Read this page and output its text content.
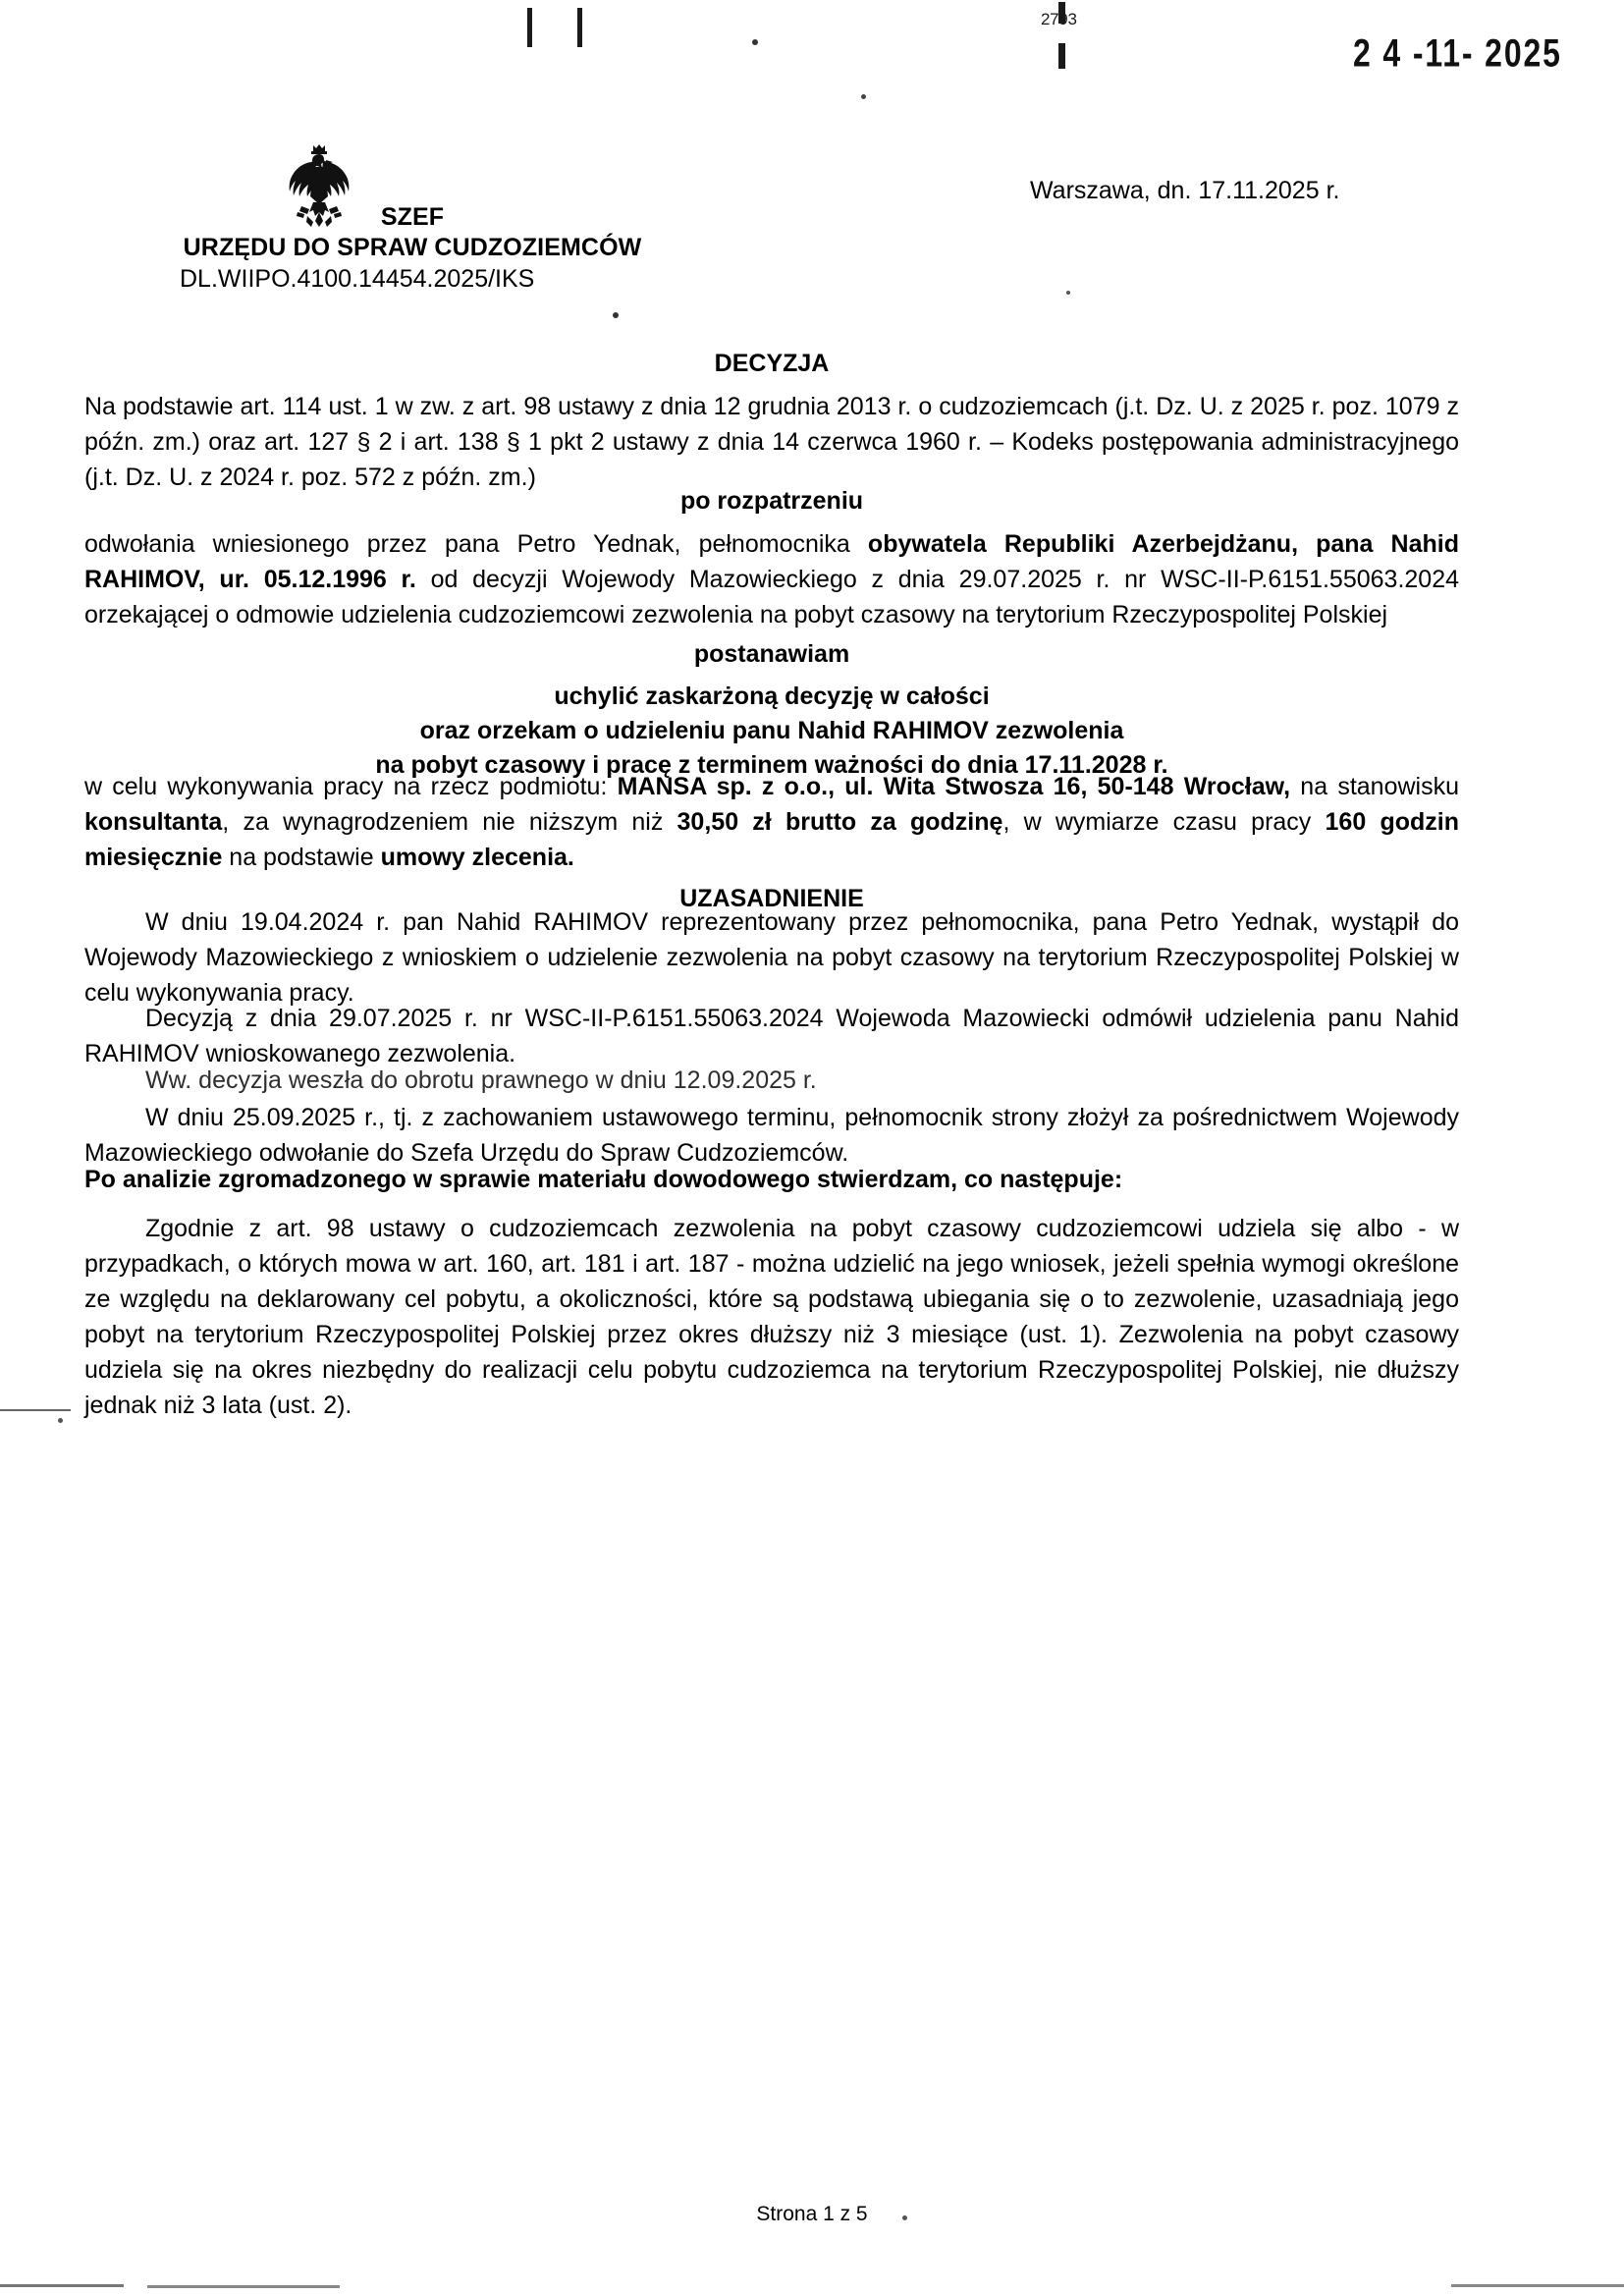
2793
2 4 -11- 2025
Warszawa, dn. 17.11.2025 r.
SZEF
URZĘDU DO SPRAW CUDZOZIEMCÓW
DL.WIIPO.4100.14454.2025/IKS
DECYZJA
Na podstawie art. 114 ust. 1 w zw. z art. 98 ustawy z dnia 12 grudnia 2013 r. o cudzoziemcach (j.t. Dz. U. z 2025 r. poz. 1079 z późn. zm.) oraz art. 127 § 2 i art. 138 § 1 pkt 2 ustawy z dnia 14 czerwca 1960 r. – Kodeks postępowania administracyjnego (j.t. Dz. U. z 2024 r. poz. 572 z późn. zm.)
po rozpatrzeniu
odwołania wniesionego przez pana Petro Yednak, pełnomocnika obywatela Republiki Azerbejdżanu, pana Nahid RAHIMOV, ur. 05.12.1996 r. od decyzji Wojewody Mazowieckiego z dnia 29.07.2025 r. nr WSC-II-P.6151.55063.2024 orzekającej o odmowie udzielenia cudzoziemcowi zezwolenia na pobyt czasowy na terytorium Rzeczypospolitej Polskiej
postanawiam
uchylić zaskarżoną decyzję w całości
oraz orzekam o udzieleniu panu Nahid RAHIMOV zezwolenia
na pobyt czasowy i pracę z terminem ważności do dnia 17.11.2028 r.
w celu wykonywania pracy na rzecz podmiotu: MANSA sp. z o.o., ul. Wita Stwosza 16, 50-148 Wrocław, na stanowisku konsultanta, za wynagrodzeniem nie niższym niż 30,50 zł brutto za godzinę, w wymiarze czasu pracy 160 godzin miesięcznie na podstawie umowy zlecenia.
UZASADNIENIE
W dniu 19.04.2024 r. pan Nahid RAHIMOV reprezentowany przez pełnomocnika, pana Petro Yednak, wystąpił do Wojewody Mazowieckiego z wnioskiem o udzielenie zezwolenia na pobyt czasowy na terytorium Rzeczypospolitej Polskiej w celu wykonywania pracy.
Decyzją z dnia 29.07.2025 r. nr WSC-II-P.6151.55063.2024 Wojewoda Mazowiecki odmówił udzielenia panu Nahid RAHIMOV wnioskowanego zezwolenia.
Ww. decyzja weszła do obrotu prawnego w dniu 12.09.2025 r.
W dniu 25.09.2025 r., tj. z zachowaniem ustawowego terminu, pełnomocnik strony złożył za pośrednictwem Wojewody Mazowieckiego odwołanie do Szefa Urzędu do Spraw Cudzoziemców.
Po analizie zgromadzonego w sprawie materiału dowodowego stwierdzam, co następuje:
Zgodnie z art. 98 ustawy o cudzoziemcach zezwolenia na pobyt czasowy cudzoziemcowi udziela się albo - w przypadkach, o których mowa w art. 160, art. 181 i art. 187 - można udzielić na jego wniosek, jeżeli spełnia wymogi określone ze względu na deklarowany cel pobytu, a okoliczności, które są podstawą ubiegania się o to zezwolenie, uzasadniają jego pobyt na terytorium Rzeczypospolitej Polskiej przez okres dłuższy niż 3 miesiące (ust. 1). Zezwolenia na pobyt czasowy udziela się na okres niezbędny do realizacji celu pobytu cudzoziemca na terytorium Rzeczypospolitej Polskiej, nie dłuższy jednak niż 3 lata (ust. 2).
Strona 1 z 5
